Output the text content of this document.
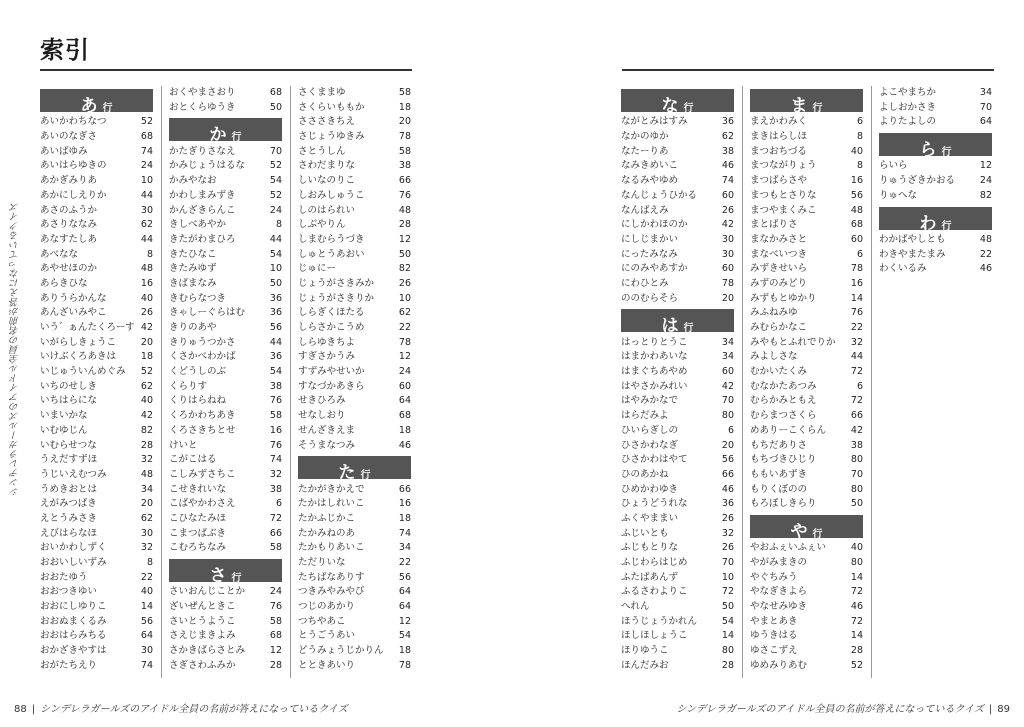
索引
シンデレラガールズのアイドル全員の名前が答えになっているクイズ
あ 行
あいかわちなつ	52
あいのなぎさ	68
あいばゆみ	74
あいはらゆきの	24
あかぎみりあ	10
あかにしえりか	44
あさのふうか	30
あさりななみ	62
あなすたしあ	44
あべなな	8
あやせほのか	48
あらきひな	16
ありうらかんな	40
あんざいみやこ	26
いう゛ぁんたくろーす 42
いがらしきょうこ	20
いけぶくろあきは	18
いじゅういんめぐみ	52
いちのせしき	62
いちはらにな	40
いまいかな	42
いむゆじん	82
いむらせつな	28
うえだすずほ	32
うじいえむつみ	48
うめきおとは	34
えがみつばき	20
えとうみさき	62
えびはらなほ	30
おいかわしずく	32
おおいしいずみ	8
おおたゆう	22
おおつきゆい	40
おおにしゆりこ	14
おおぬまくるみ	56
おおはらみちる	64
おかざきやすは	30
おがたちえり	74
おくやまさおり	68
おとくらゆうき	50
か 行
かたぎりさなえ	70
かみじょうはるな	52
かみやなお	54
かわしまみずき	52
かんざきらんこ	24
きしべあやか	8
きたがわまひろ	44
きたひなこ	54
きたみゆず	10
きばまなみ	50
きむらなつき	36
きゃしーぐらはむ	36
きりのあや	56
きりゅうつかさ	44
くさかべわかば	36
くどうしのぶ	54
くらりす	38
くりはらねね	76
くろかわちあき	58
くろさきちとせ	16
けいと	76
こがこはる	74
こしみずさちこ	32
こせきれいな	38
こばやかわさえ	6
こひなたみほ	72
こまつばぶき	66
こむろちなみ	58
さ 行
さいおんじことか	24
ざいぜんときこ	76
さいとうようこ	58
さえじまきよみ	68
さかきばらさとみ	12
さぎさわふみか	28
さくままゆ	58
さくらいももか	18
さささきちえ	20
さじょうゆきみ	78
さとうしん	58
さわだまりな	38
しいなのりこ	66
しおみしゅうこ	76
しのはられい	48
しぶやりん	28
しまむらうづき	12
しゅとうあおい	50
じゅにー	82
じょうがさきみか	26
じょうがさきりか	10
しらぎくほたる	62
しらさかこうめ	22
しらゆきちよ	78
すぎさかうみ	12
すずみやせいか	24
すなづかあきら	60
せきひろみ	64
せなしおり	68
せんざきえま	18
そうまなつみ	46
た 行
たかがきかえで	66
たかはしれいこ	16
たかふじかこ	18
たかみねのあ	74
たかもりあいこ	34
ただりいな	22
たちばなありす	56
つきみやみやび	64
つじのあかり	64
つちやあこ	12
とうごうあい	54
どうみょうじかりん	18
とときあいり	78
な 行
ながとみはすみ	36
なかのゆか	62
なたーりあ	38
なみきめいこ	46
なるみやゆめ	74
なんじょうひかる	60
なんばえみ	26
にしかわほのか	42
にしじまかい	30
にったみなみ	30
にのみやあすか	60
にわひとみ	78
ののむらそら	20
は 行
はっとりとうこ	34
はまかわあいな	34
はまぐちあやめ	60
はやさかみれい	42
はやみかなで	70
はらだみよ	80
ひいらぎしの	6
ひさかわなぎ	20
ひさかわはやて	56
ひのあかね	66
ひめかわゆき	46
ひょうどうれな	36
ふくやままい	26
ふじいとも	32
ふじもとりな	26
ふじわらはじめ	70
ふたばあんず	10
ふるさわよりこ	72
へれん	50
ほうじょうかれん	54
ほしほしょうこ	14
ほりゆうこ	80
ほんだみお	28
ま 行
まえかわみく	6
まきはらしほ	8
まつおちづる	40
まつながりょう	8
まつばらさや	16
まつもとさりな	56
まつやまくみこ	48
まとばりさ	68
まなかみさと	60
まなべいつき	6
みずきせいら	78
みずのみどり	16
みずもとゆかり	14
みふねみゆ	76
みむらかなこ	22
みやもとふれでりか	32
みよしさな	44
むかいたくみ	72
むなかたあつみ	6
むらかみともえ	72
むらまつさくら	66
めありーこくらん	42
もちだありさ	38
もちづきひじり	80
ももいあずき	70
もりくぼのの	80
もろぼしきらり	50
や 行
やおふぇいふぇい	40
やがみまきの	80
やぐちみう	14
やなぎきよら	72
やなせみゆき	46
やまとあき	72
ゆうきはる	14
ゆさこずえ	28
ゆめみりあむ	52
よこやまちか	34
よしおかさき	70
よりたよしの	64
ら 行
らいら	12
りゅうざきかおる	24
りゅへな	82
わ 行
わかばやしとも	48
わきやまたまみ	22
わくいるみ	46
88 | シンデレラガールズのアイドル全員の名前が答えになっているクイズ	シンデレラガールズのアイドル全員の名前が答えになっているクイズ | 89
